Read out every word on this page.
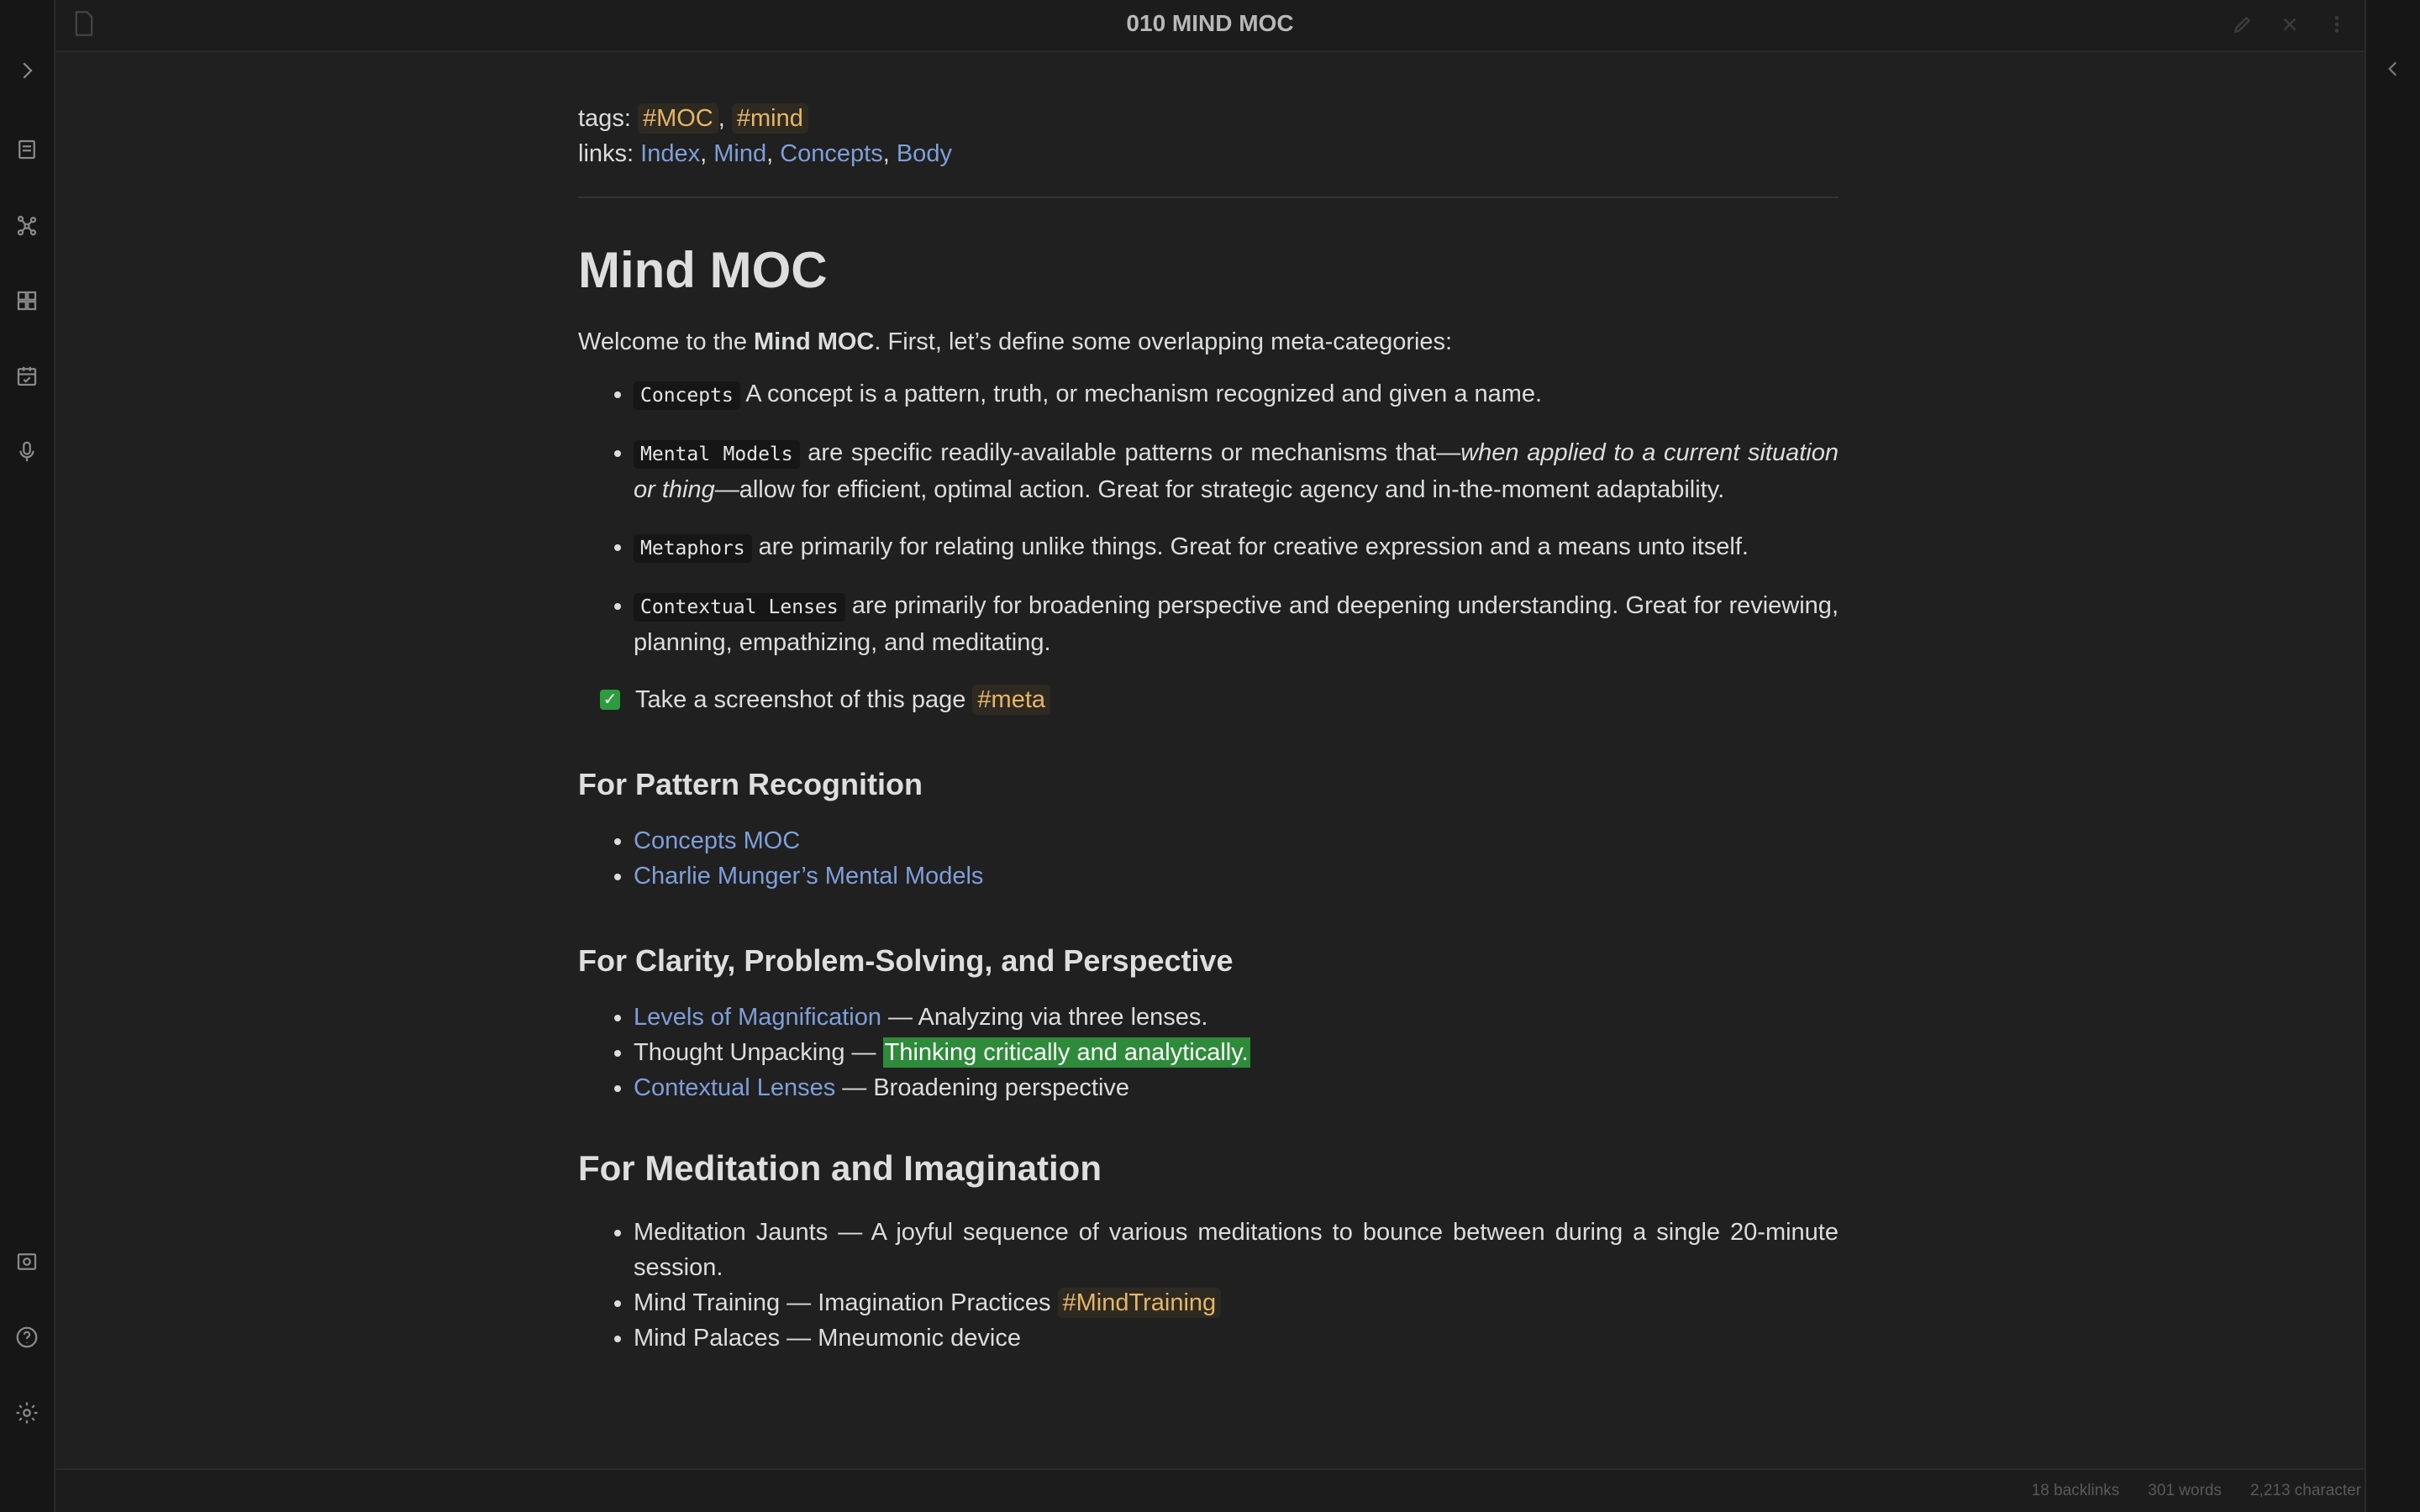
010 MIND MOC

tags: #MOC , #mind

links: Index, Mind, Concepts, Body

Mind MOC

Welcome to the Mind MOC. First, let’s define some overlapping meta-categories:

• Concepts A concept is a pattern, truth, or mechanism recognized and given a name.
• Mental Models are specific readily-available patterns or mechanisms that—when applied to a current situation or thing—allow for efficient, optimal action. Great for strategic agency and in-the-moment adaptability.
• Metaphors are primarily for relating unlike things. Great for creative expression and a means unto itself.
• Contextual Lenses are primarily for broadening perspective and deepening understanding. Great for reviewing, planning, empathizing, and meditating.
✓ Take a screenshot of this page #meta
For Pattern Recognition
• Concepts MOC
• Charlie Munger’s Mental Models
For Clarity, Problem-Solving, and Perspective
• Levels of Magnification — Analyzing via three lenses.
• Thought Unpacking — Thinking critically and analytically.
• Contextual Lenses — Broadening perspective
For Meditation and Imagination
• Meditation Jaunts — A joyful sequence of various meditations to bounce between during a single 20-minute session.
• Mind Training — Imagination Practices #MindTraining
• Mind Palaces — Mneumonic device
18 backlinks 301 words 2,213 character
